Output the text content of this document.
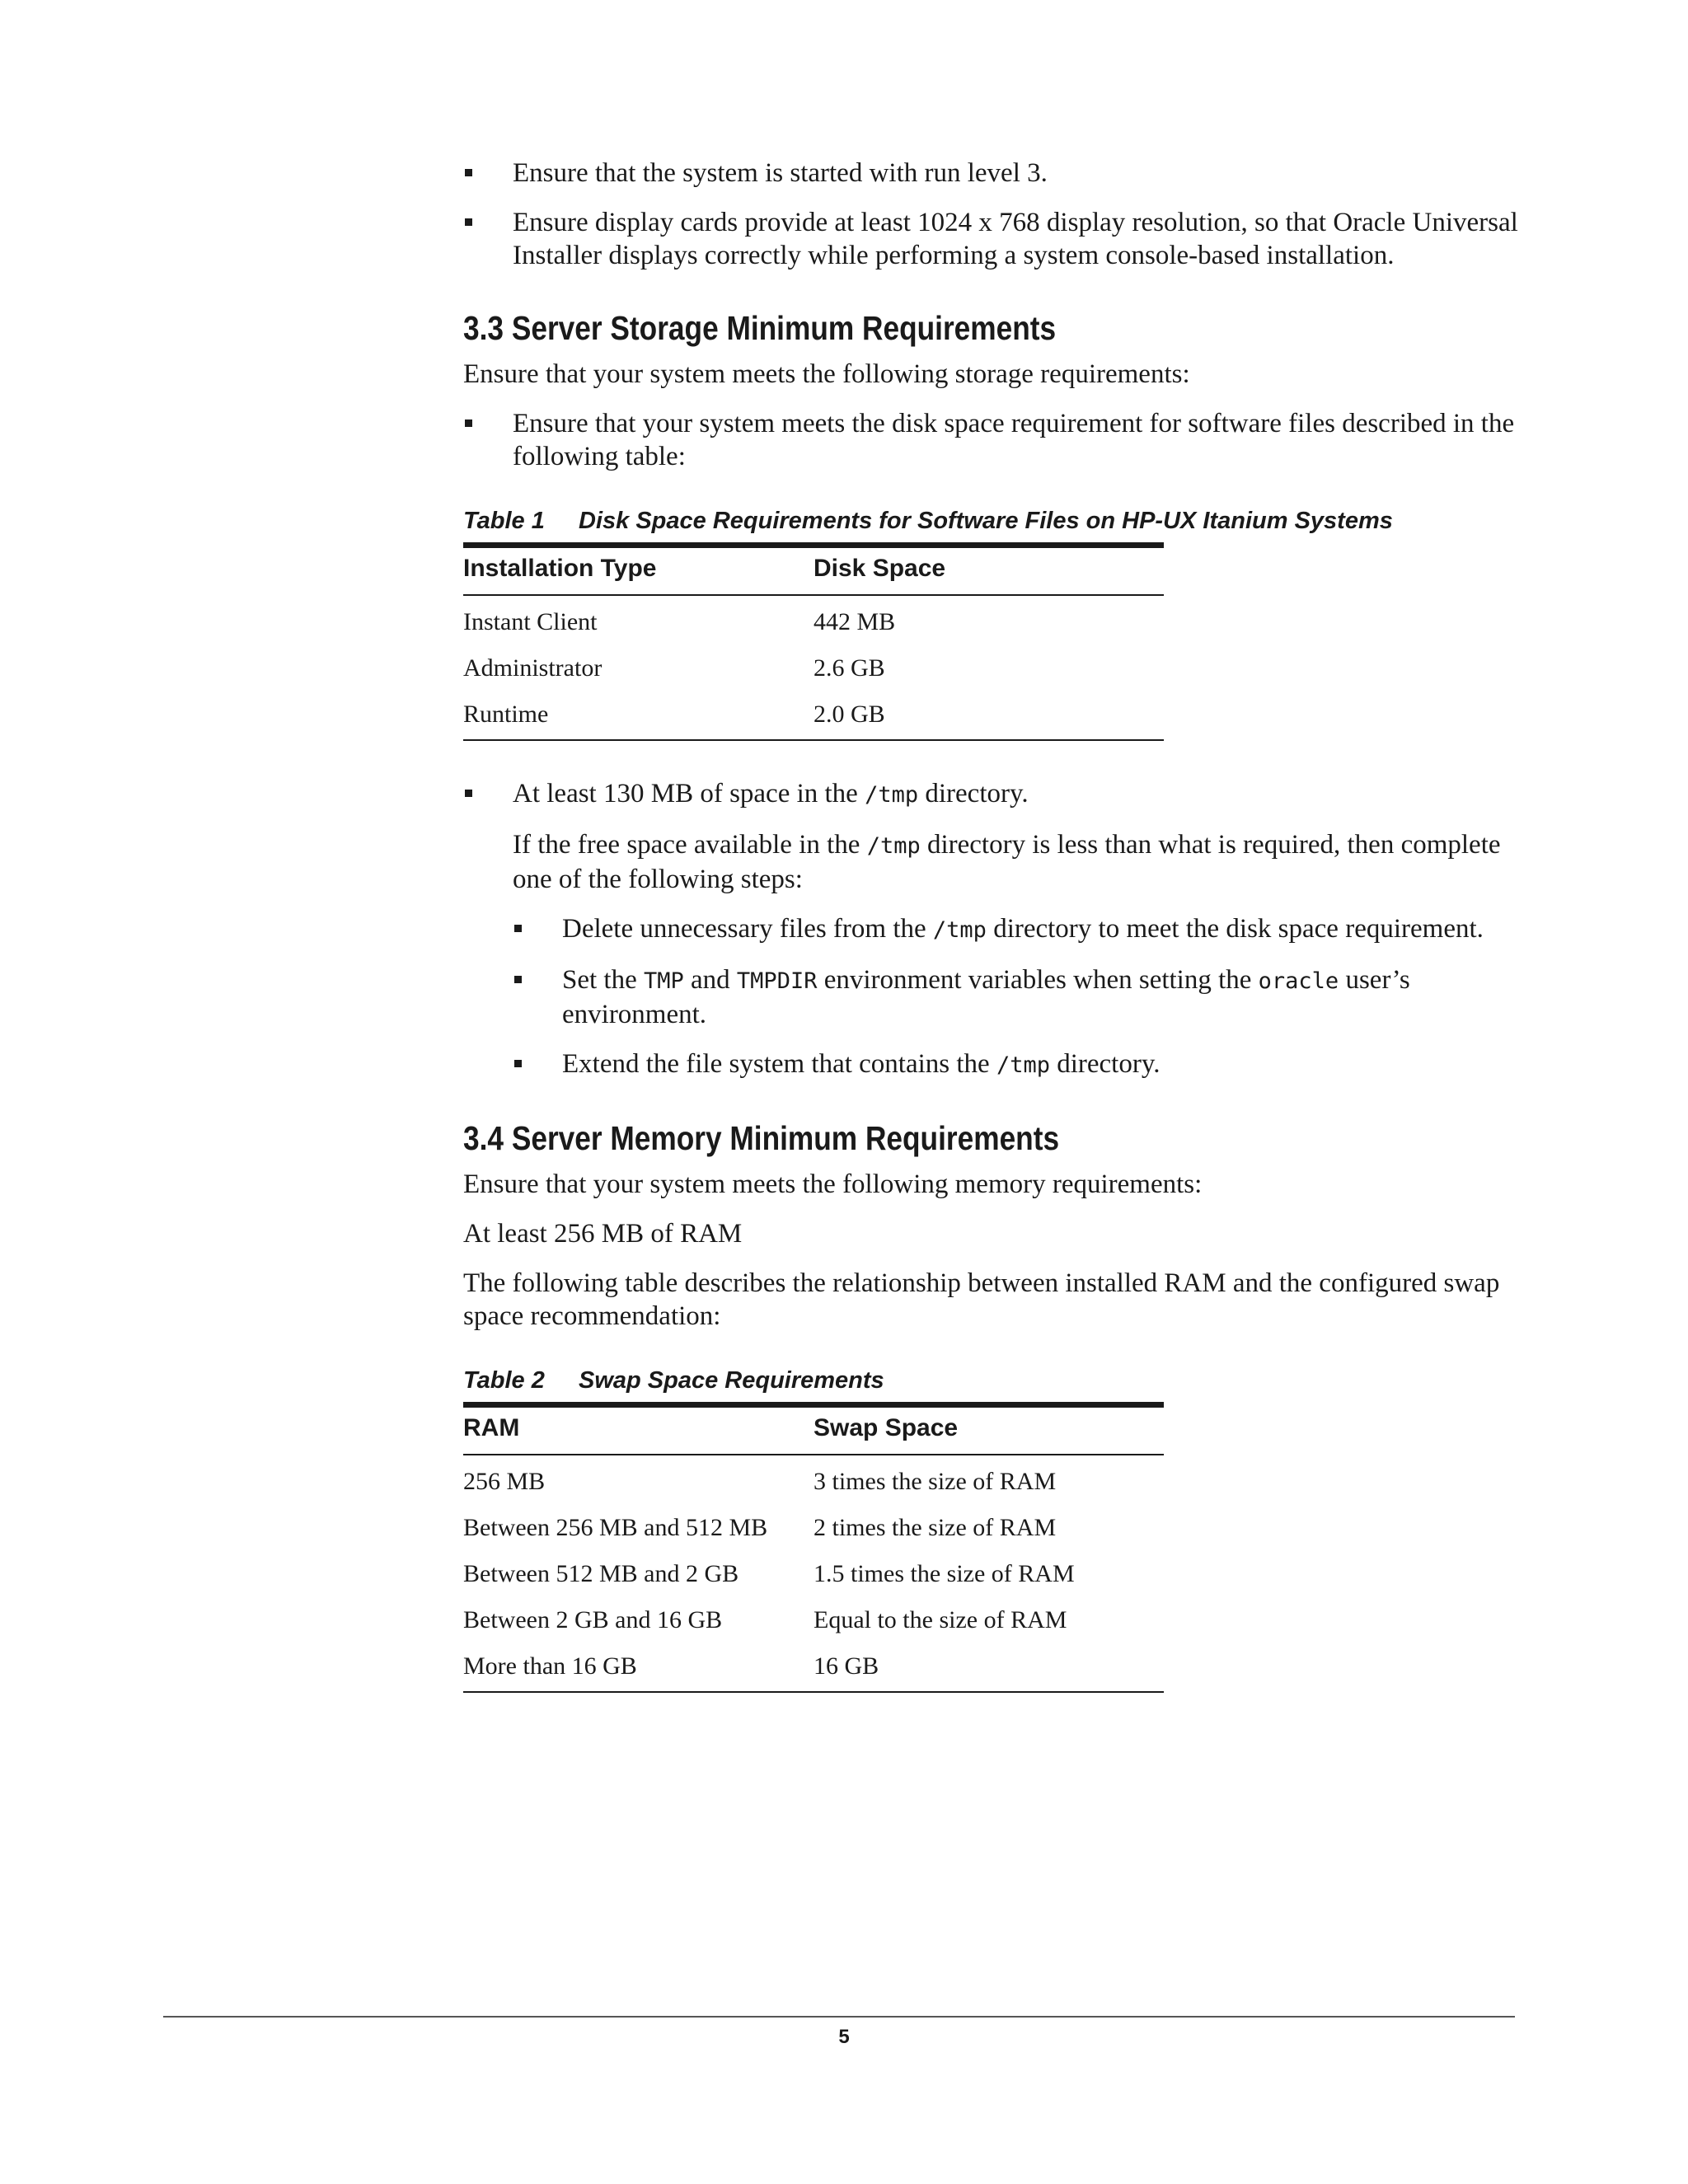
Ensure that the system is started with run level 3.
Ensure display cards provide at least 1024 x 768 display resolution, so that Oracle Universal Installer displays correctly while performing a system console-based installation.
3.3 Server Storage Minimum Requirements
Ensure that your system meets the following storage requirements:
Ensure that your system meets the disk space requirement for software files described in the following table:
Table 1 Disk Space Requirements for Software Files on HP-UX Itanium Systems
Installation Type	Disk Space
Instant Client	442 MB
Administrator	2.6 GB
Runtime	2.0 GB
At least 130 MB of space in the /tmp directory.
If the free space available in the /tmp directory is less than what is required, then complete one of the following steps:
Delete unnecessary files from the /tmp directory to meet the disk space requirement.
Set the TMP and TMPDIR environment variables when setting the oracle user’s environment.
Extend the file system that contains the /tmp directory.
3.4 Server Memory Minimum Requirements
Ensure that your system meets the following memory requirements:
At least 256 MB of RAM
The following table describes the relationship between installed RAM and the configured swap space recommendation:
Table 2 Swap Space Requirements
RAM	Swap Space
256 MB	3 times the size of RAM
Between 256 MB and 512 MB	2 times the size of RAM
Between 512 MB and 2 GB	1.5 times the size of RAM
Between 2 GB and 16 GB	Equal to the size of RAM
More than 16 GB	16 GB
5
